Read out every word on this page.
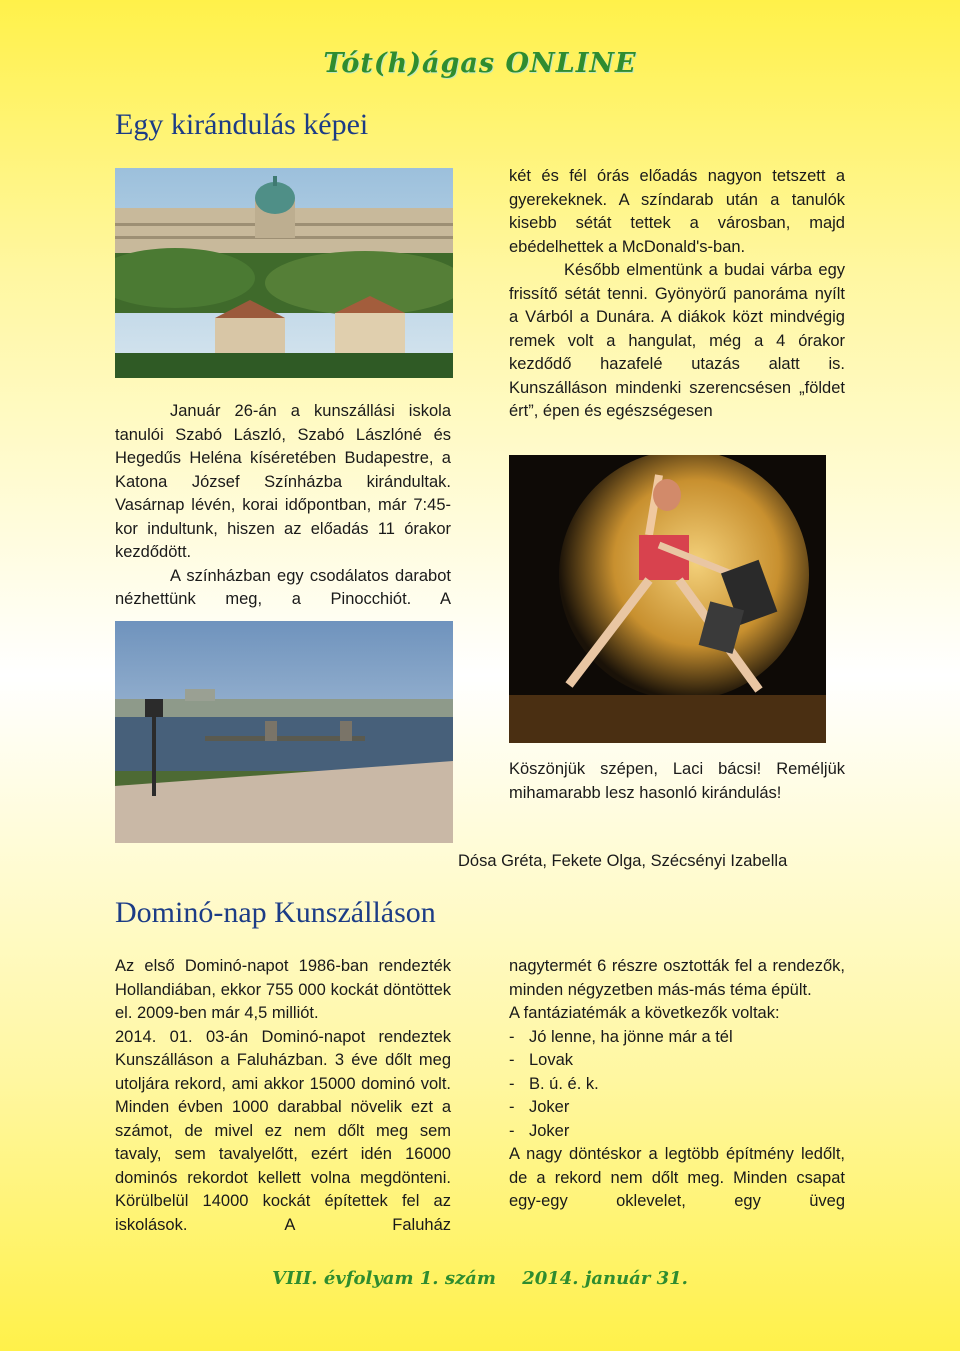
Tót(h)ágas ONLINE
Egy kirándulás képei

Január 26-án a kunszállási iskola tanulói Szabó László, Szabó Lászlóné és Hegedűs Heléna kíséretében Budapestre, a Katona József Színházba kirándultak. Vasárnap lévén, korai időpontban, már 7:45-kor indultunk, hiszen az előadás 11 órakor kezdődött.

A színházban egy csodálatos darabot nézhettünk meg, a Pinocchiót. A

két és fél órás előadás nagyon tetszett a gyerekeknek. A színdarab után a tanulók kisebb sétát tettek a városban, majd ebédelhettek a McDonald's-ban.

Később elmentünk a budai várba egy frissítő sétát tenni. Gyönyörű panoráma nyílt a Várból a Dunára. A diákok közt mindvégig remek volt a hangulat, még a 4 órakor kezdődő hazafelé utazás alatt is. Kunszálláson mindenki szerencsésen „földet ért”, épen és egészségesen

Köszönjük szépen, Laci bácsi! Reméljük mihamarabb lesz hasonló kirándulás!
Dósa Gréta, Fekete Olga, Szécsényi Izabella
Dominó-nap Kunszálláson

Az első Dominó-napot 1986-ban rendezték Hollandiában, ekkor 755 000 kockát döntöttek el. 2009-ben már 4,5 milliót.

2014. 01. 03-án Dominó-napot rendeztek Kunszálláson a Faluházban. 3 éve dőlt meg utoljára rekord, ami akkor 15000 dominó volt. Minden évben 1000 darabbal növelik ezt a számot, de mivel ez nem dőlt meg sem tavaly, sem tavalyelőtt, ezért idén 16000 dominós rekordot kellett volna megdönteni. Körülbelül 14000 kockát építettek fel az iskolások. A Faluház

nagytermét 6 részre osztották fel a rendezők, minden négyzetben más-más téma épült.

A fantáziatémák a következők voltak:

- Jó lenne, ha jönne már a tél
- Lovak
- B. ú. é. k.
- Joker
- Joker

A nagy döntéskor a legtöbb építmény ledőlt, de a rekord nem dőlt meg. Minden csapat egy-egy oklevelet, egy üveg

VIII. évfolyam 1. szám 2014. január 31.
